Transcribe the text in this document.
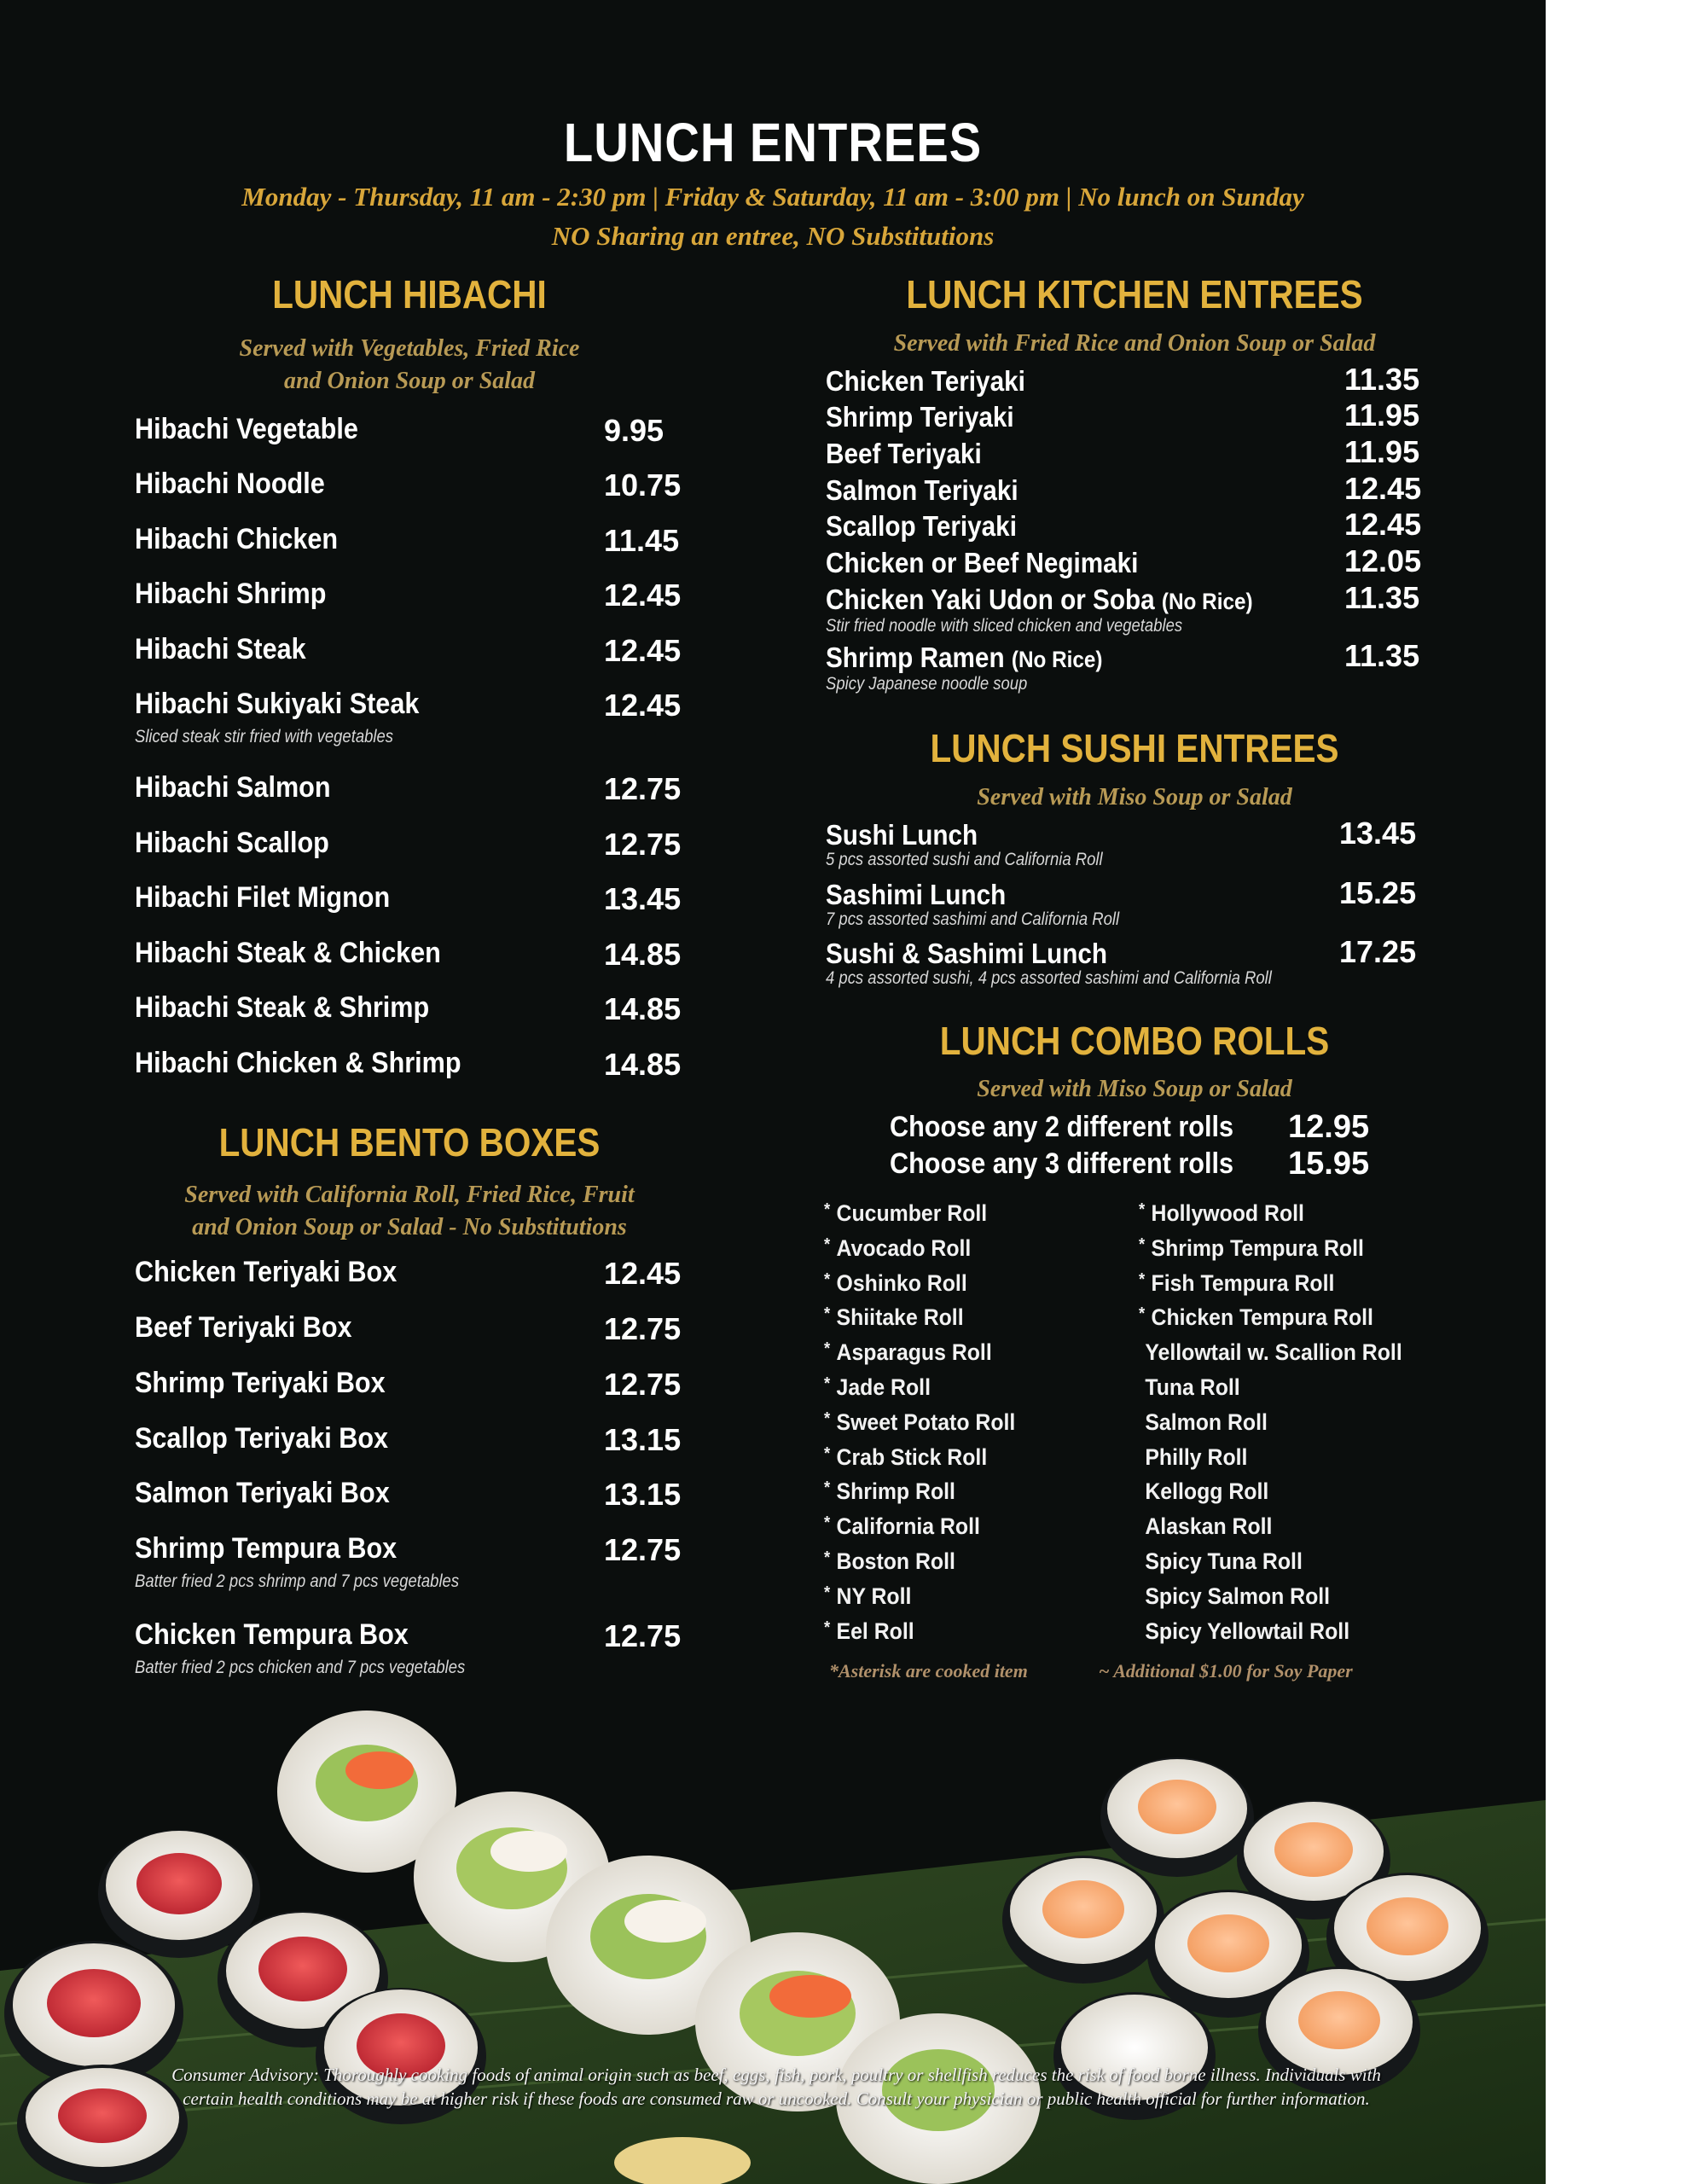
LUNCH ENTREES
Monday - Thursday, 11 am - 2:30 pm | Friday & Saturday, 11 am - 3:00 pm | No lunch on Sunday
NO Sharing an entree, NO Substitutions
LUNCH HIBACHI
Served with Vegetables, Fried Rice
and Onion Soup or Salad
Hibachi Vegetable	9.95
Hibachi Noodle	10.75
Hibachi Chicken	11.45
Hibachi Shrimp	12.45
Hibachi Steak	12.45
Hibachi Sukiyaki Steak	12.45
Sliced steak stir fried with vegetables
Hibachi Salmon	12.75
Hibachi Scallop	12.75
Hibachi Filet Mignon	13.45
Hibachi Steak & Chicken	14.85
Hibachi Steak & Shrimp	14.85
Hibachi Chicken & Shrimp	14.85
LUNCH BENTO BOXES
Served with California Roll, Fried Rice, Fruit
and Onion Soup or Salad - No Substitutions
Chicken Teriyaki Box	12.45
Beef Teriyaki Box	12.75
Shrimp Teriyaki Box	12.75
Scallop Teriyaki Box	13.15
Salmon Teriyaki Box	13.15
Shrimp Tempura Box	12.75
Batter fried 2 pcs shrimp and 7 pcs vegetables
Chicken Tempura Box	12.75
Batter fried 2 pcs chicken and 7 pcs vegetables
LUNCH KITCHEN ENTREES
Served with Fried Rice and Onion Soup or Salad
Chicken Teriyaki	11.35
Shrimp Teriyaki	11.95
Beef Teriyaki	11.95
Salmon Teriyaki	12.45
Scallop Teriyaki	12.45
Chicken or Beef Negimaki	12.05
Chicken Yaki Udon or Soba (No Rice)	11.35
Stir fried noodle with sliced chicken and vegetables
Shrimp Ramen (No Rice)	11.35
Spicy Japanese noodle soup
LUNCH SUSHI ENTREES
Served with Miso Soup or Salad
Sushi Lunch	13.45
5 pcs assorted sushi and California Roll
Sashimi Lunch	15.25
7 pcs assorted sashimi and California Roll
Sushi & Sashimi Lunch	17.25
4 pcs assorted sushi, 4 pcs assorted sashimi and California Roll
LUNCH COMBO ROLLS
Served with Miso Soup or Salad
Choose any 2 different rolls 12.95
Choose any 3 different rolls 15.95
* Cucumber Roll
* Avocado Roll
* Oshinko Roll
* Shiitake Roll
* Asparagus Roll
* Jade Roll
* Sweet Potato Roll
* Crab Stick Roll
* Shrimp Roll
* California Roll
* Boston Roll
* NY Roll
* Eel Roll
* Hollywood Roll
* Shrimp Tempura Roll
* Fish Tempura Roll
* Chicken Tempura Roll
Yellowtail w. Scallion Roll
Tuna Roll
Salmon Roll
Philly Roll
Kellogg Roll
Alaskan Roll
Spicy Tuna Roll
Spicy Salmon Roll
Spicy Yellowtail Roll
*Asterisk are cooked item	~ Additional $1.00 for Soy Paper
Consumer Advisory: Thoroughly cooking foods of animal origin such as beef, eggs, fish, pork, poultry or shellfish reduces the risk of food borne illness. Individuals with
certain health conditions may be at higher risk if these foods are consumed raw or uncooked. Consult your physician or public health official for further information.
